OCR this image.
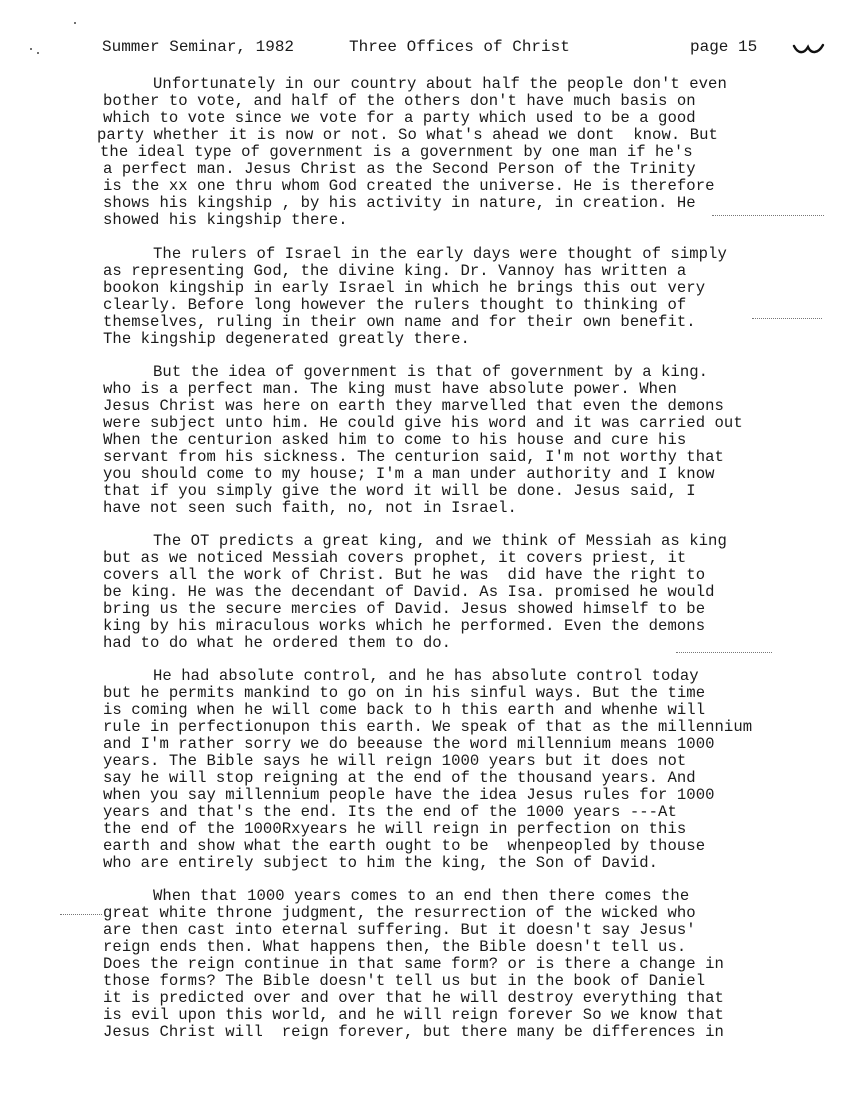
Summer Seminar, 1982	Three Offices of Christ	page 15
Unfortunately in our country about half the people don't even
bother to vote, and half of the others don't have much basis on
which to vote since we vote for a party which used to be a good
party whether it is now or not. So what's ahead we dont  know. But
the ideal type of government is a government by one man if he's
a perfect man. Jesus Christ as the Second Person of the Trinity
is the xx one thru whom God created the universe. He is therefore
shows his kingship , by his activity in nature, in creation. He
showed his kingship there.
The rulers of Israel in the early days were thought of simply
as representing God, the divine king. Dr. Vannoy has written a
bookon kingship in early Israel in which he brings this out very
clearly. Before long however the rulers thought to thinking of
themselves, ruling in their own name and for their own benefit.
The kingship degenerated greatly there.
But the idea of government is that of government by a king.
who is a perfect man. The king must have absolute power. When
Jesus Christ was here on earth they marvelled that even the demons
were subject unto him. He could give his word and it was carried out
When the centurion asked him to come to his house and cure his
servant from his sickness. The centurion said, I'm not worthy that
you should come to my house; I'm a man under authority and I know
that if you simply give the word it will be done. Jesus said, I
have not seen such faith, no, not in Israel.
The OT predicts a great king, and we think of Messiah as king
but as we noticed Messiah covers prophet, it covers priest, it
covers all the work of Christ. But he was  did have the right to
be king. He was the decendant of David. As Isa. promised he would
bring us the secure mercies of David. Jesus showed himself to be
king by his miraculous works which he performed. Even the demons
had to do what he ordered them to do.
He had absolute control, and he has absolute control today
but he permits mankind to go on in his sinful ways. But the time
is coming when he will come back to h this earth and whenhe will
rule in perfectionupon this earth. We speak of that as the millennium
and I'm rather sorry we do beeause the word millennium means 1000
years. The Bible says he will reign 1000 years but it does not
say he will stop reigning at the end of the thousand years. And
when you say millennium people have the idea Jesus rules for 1000
years and that's the end. Its the end of the 1000 years ---At
the end of the 1000Rxyears he will reign in perfection on this
earth and show what the earth ought to be  whenpeopled by thouse
who are entirely subject to him the king, the Son of David.
When that 1000 years comes to an end then there comes the
great white throne judgment, the resurrection of the wicked who
are then cast into eternal suffering. But it doesn't say Jesus'
reign ends then. What happens then, the Bible doesn't tell us.
Does the reign continue in that same form? or is there a change in
those forms? The Bible doesn't tell us but in the book of Daniel
it is predicted over and over that he will destroy everything that
is evil upon this world, and he will reign forever So we know that
Jesus Christ will  reign forever, but there many be differences in
